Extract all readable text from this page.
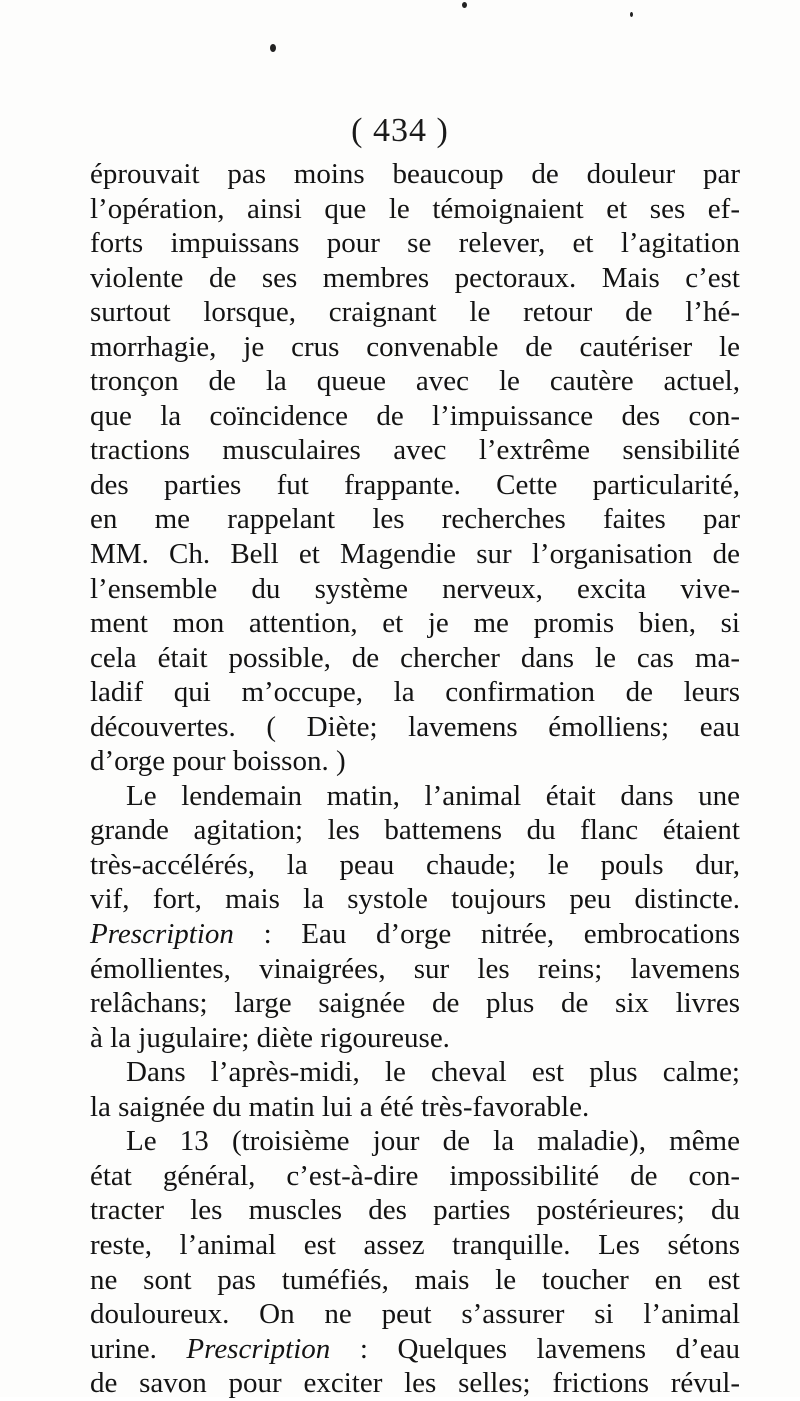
( 434 )
éprouvait pas moins beaucoup de douleur par
l’opération, ainsi que le témoignaient et ses ef-
forts impuissans pour se relever, et l’agitation
violente de ses membres pectoraux. Mais c’est
surtout lorsque, craignant le retour de l’hé-
morrhagie, je crus convenable de cautériser le
tronçon de la queue avec le cautère actuel,
que la coïncidence de l’impuissance des con-
tractions musculaires avec l’extrême sensibilité
des parties fut frappante. Cette particularité,
en me rappelant les recherches faites par
MM. Ch. Bell et Magendie sur l’organisation de
l’ensemble du système nerveux, excita vive-
ment mon attention, et je me promis bien, si
cela était possible, de chercher dans le cas ma-
ladif qui m’occupe, la confirmation de leurs
découvertes. ( Diète; lavemens émolliens; eau
d’orge pour boisson. )
Le lendemain matin, l’animal était dans une
grande agitation; les battemens du flanc étaient
très-accélérés, la peau chaude; le pouls dur,
vif, fort, mais la systole toujours peu distincte.
Prescription : Eau d’orge nitrée, embrocations
émollientes, vinaigrées, sur les reins; lavemens
relâchans; large saignée de plus de six livres
à la jugulaire; diète rigoureuse.
Dans l’après-midi, le cheval est plus calme;
la saignée du matin lui a été très-favorable.
Le 13 (troisième jour de la maladie), même
état général, c’est-à-dire impossibilité de con-
tracter les muscles des parties postérieures; du
reste, l’animal est assez tranquille. Les sétons
ne sont pas tuméfiés, mais le toucher en est
douloureux. On ne peut s’assurer si l’animal
urine. Prescription : Quelques lavemens d’eau
de savon pour exciter les selles; frictions révul-
